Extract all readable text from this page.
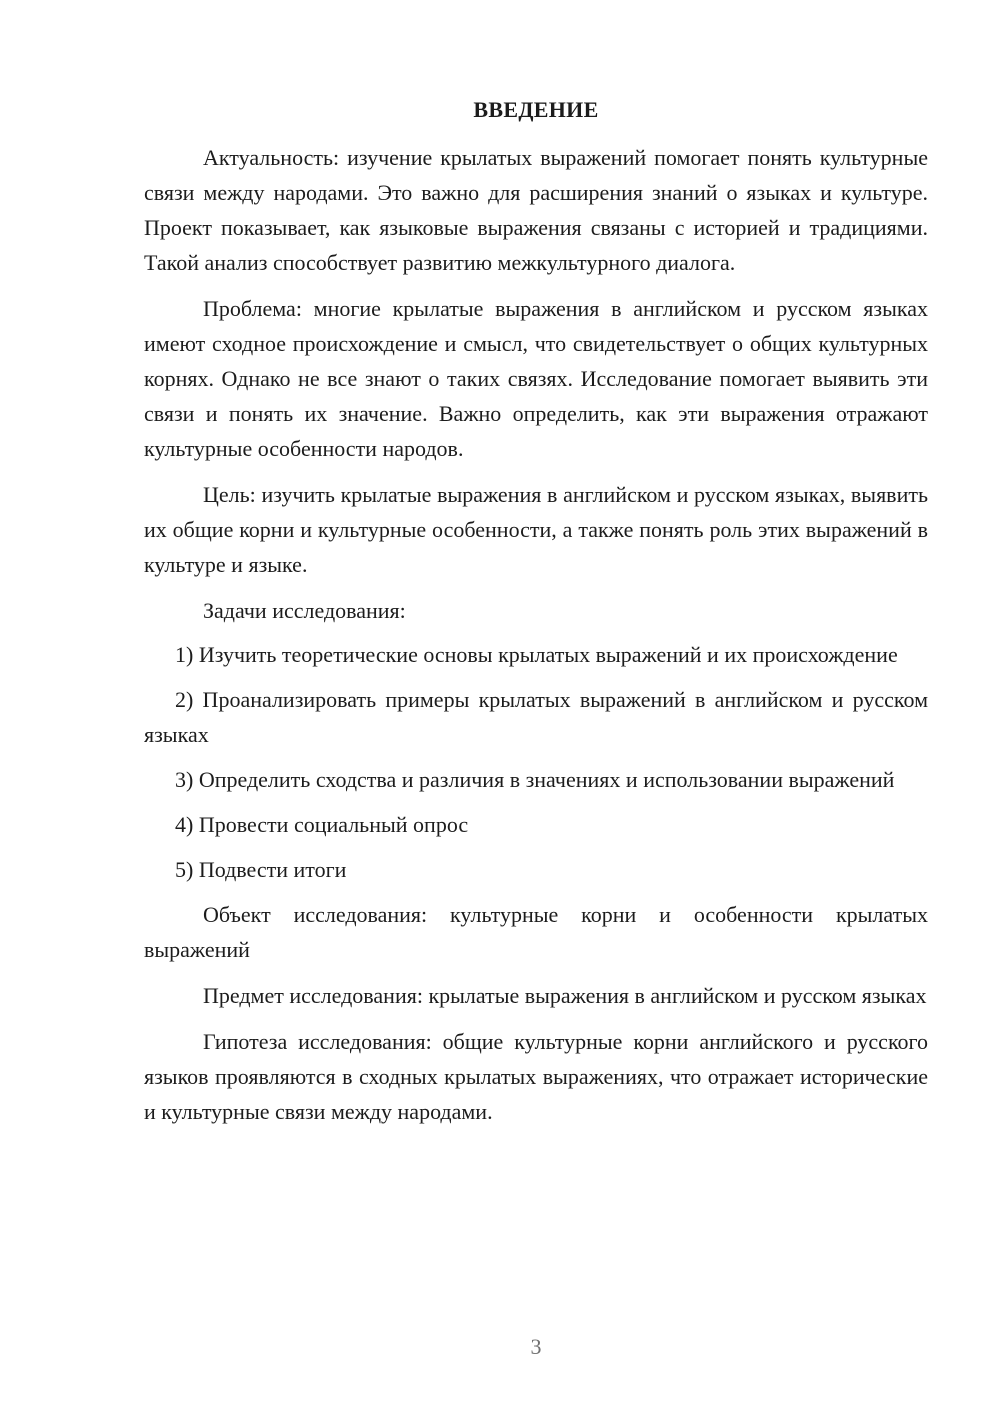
ВВЕДЕНИЕ

Актуальность: изучение крылатых выражений помогает понять культурные связи между народами. Это важно для расширения знаний о языках и культуре. Проект показывает, как языковые выражения связаны с историей и традициями. Такой анализ способствует развитию межкультурного диалога.

Проблема: многие крылатые выражения в английском и русском языках имеют сходное происхождение и смысл, что свидетельствует о общих культурных корнях. Однако не все знают о таких связях. Исследование помогает выявить эти связи и понять их значение. Важно определить, как эти выражения отражают культурные особенности народов.

Цель: изучить крылатые выражения в английском и русском языках, выявить их общие корни и культурные особенности, а также понять роль этих выражений в культуре и языке.

Задачи исследования:

1) Изучить теоретические основы крылатых выражений и их происхождение

2) Проанализировать примеры крылатых выражений в английском и русском языках

3) Определить сходства и различия в значениях и использовании выражений

4) Провести социальный опрос

5) Подвести итоги

Объект исследования: культурные корни и особенности крылатых выражений

Предмет исследования: крылатые выражения в английском и русском языках

Гипотеза исследования: общие культурные корни английского и русского языков проявляются в сходных крылатых выражениях, что отражает исторические и культурные связи между народами.

3
